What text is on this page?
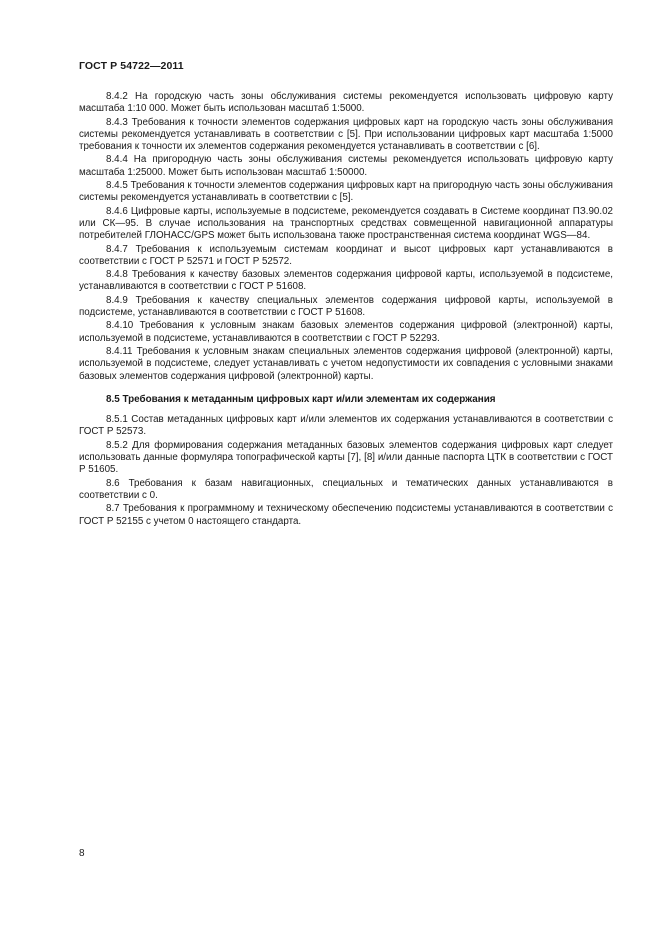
ГОСТ Р 54722—2011

8.4.2 На городскую часть зоны обслуживания системы рекомендуется использовать цифровую карту масштаба 1:10 000. Может быть использован масштаб 1:5000.

8.4.3 Требования к точности элементов содержания цифровых карт на городскую часть зоны обслуживания системы рекомендуется устанавливать в соответствии с [5]. При использовании цифровых карт масштаба 1:5000 требования к точности их элементов содержания рекомендуется устанавливать в соответствии с [6].

8.4.4 На пригородную часть зоны обслуживания системы рекомендуется использовать цифровую карту масштаба 1:25000. Может быть использован масштаб 1:50000.

8.4.5 Требования к точности элементов содержания цифровых карт на пригородную часть зоны обслуживания системы рекомендуется устанавливать в соответствии с [5].

8.4.6 Цифровые карты, используемые в подсистеме, рекомендуется создавать в Системе координат ПЗ.90.02 или СК—95. В случае использования на транспортных средствах совмещенной навигационной аппаратуры потребителей ГЛОНАСС/GPS может быть использована также пространственная система координат WGS—84.

8.4.7 Требования к используемым системам координат и высот цифровых карт устанавливаются в соответствии с ГОСТ Р 52571 и ГОСТ Р 52572.

8.4.8 Требования к качеству базовых элементов содержания цифровой карты, используемой в подсистеме, устанавливаются в соответствии с ГОСТ Р 51608.

8.4.9 Требования к качеству специальных элементов содержания цифровой карты, используемой в подсистеме, устанавливаются в соответствии с ГОСТ Р 51608.

8.4.10 Требования к условным знакам базовых элементов содержания цифровой (электронной) карты, используемой в подсистеме, устанавливаются в соответствии с ГОСТ Р 52293.

8.4.11 Требования к условным знакам специальных элементов содержания цифровой (электронной) карты, используемой в подсистеме, следует устанавливать с учетом недопустимости их совпадения с условными знаками базовых элементов содержания цифровой (электронной) карты.

8.5 Требования к метаданным цифровых карт и/или элементам их содержания

8.5.1 Состав метаданных цифровых карт и/или элементов их содержания устанавливаются в соответствии с ГОСТ Р 52573.

8.5.2 Для формирования содержания метаданных базовых элементов содержания цифровых карт следует использовать данные формуляра топографической карты [7], [8] и/или данные паспорта ЦТК в соответствии с ГОСТ Р 51605.

8.6 Требования к базам навигационных, специальных и тематических данных устанавливаются в соответствии с 0.

8.7 Требования к программному и техническому обеспечению подсистемы устанавливаются в соответствии с ГОСТ Р 52155 с учетом 0 настоящего стандарта.

8
